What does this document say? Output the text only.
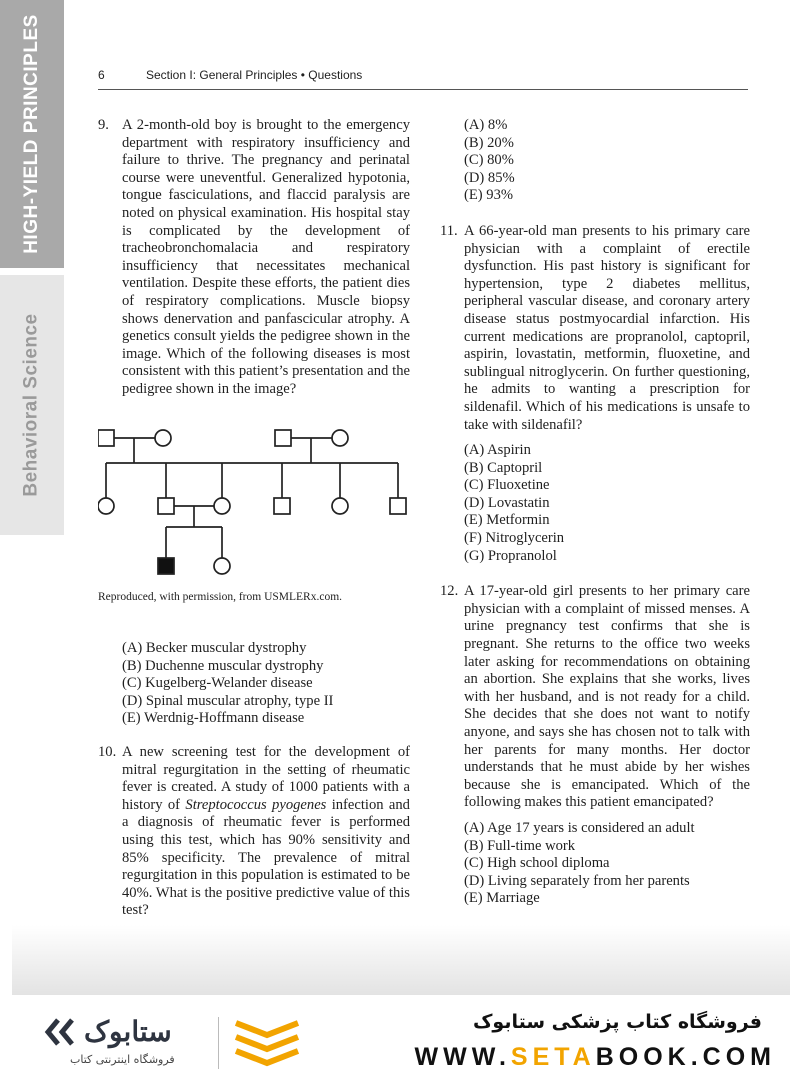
HIGH-YIELD PRINCIPLES
Behavioral Science
6	Section I: General Principles • Questions
9. A 2-month-old boy is brought to the emergency department with respiratory insufficiency and failure to thrive. The pregnancy and perinatal course were uneventful. Generalized hypotonia, tongue fasciculations, and flaccid paralysis are noted on physical examination. His hospital stay is complicated by the development of tracheobronchomalacia and respiratory insufficiency that necessitates mechanical ventilation. Despite these efforts, the patient dies of respiratory complications. Muscle biopsy shows denervation and panfascicular atrophy. A genetics consult yields the pedigree shown in the image. Which of the following diseases is most consistent with this patient’s presentation and the pedigree shown in the image?
Reproduced, with permission, from USMLERx.com.
(A) Becker muscular dystrophy
(B) Duchenne muscular dystrophy
(C) Kugelberg-Welander disease
(D) Spinal muscular atrophy, type II
(E) Werdnig-Hoffmann disease
10. A new screening test for the development of mitral regurgitation in the setting of rheumatic fever is created. A study of 1000 patients with a history of Streptococcus pyogenes infection and a diagnosis of rheumatic fever is performed using this test, which has 90% sensitivity and 85% specificity. The prevalence of mitral regurgitation in this population is estimated to be 40%. What is the positive predictive value of this test?
(A) 8%
(B) 20%
(C) 80%
(D) 85%
(E) 93%
11. A 66-year-old man presents to his primary care physician with a complaint of erectile dysfunction. His past history is significant for hypertension, type 2 diabetes mellitus, peripheral vascular disease, and coronary artery disease status postmyocardial infarction. His current medications are propranolol, captopril, aspirin, lovastatin, metformin, fluoxetine, and sublingual nitroglycerin. On further questioning, he admits to wanting a prescription for sildenafil. Which of his medications is unsafe to take with sildenafil?
(A) Aspirin
(B) Captopril
(C) Fluoxetine
(D) Lovastatin
(E) Metformin
(F) Nitroglycerin
(G) Propranolol
12. A 17-year-old girl presents to her primary care physician with a complaint of missed menses. A urine pregnancy test confirms that she is pregnant. She returns to the office two weeks later asking for recommendations on obtaining an abortion. She explains that she works, lives with her husband, and is not ready for a child. She decides that she does not want to notify anyone, and says she has chosen not to talk with her parents for many months. Her doctor understands that he must abide by her wishes because she is emancipated. Which of the following makes this patient emancipated?
(A) Age 17 years is considered an adult
(B) Full-time work
(C) High school diploma
(D) Living separately from her parents
(E) Marriage
ستابوک
فروشگاه اینترنتی کتاب
فروشگاه کتاب پزشکی ستابوک
WWW.SETABOOK.COM
